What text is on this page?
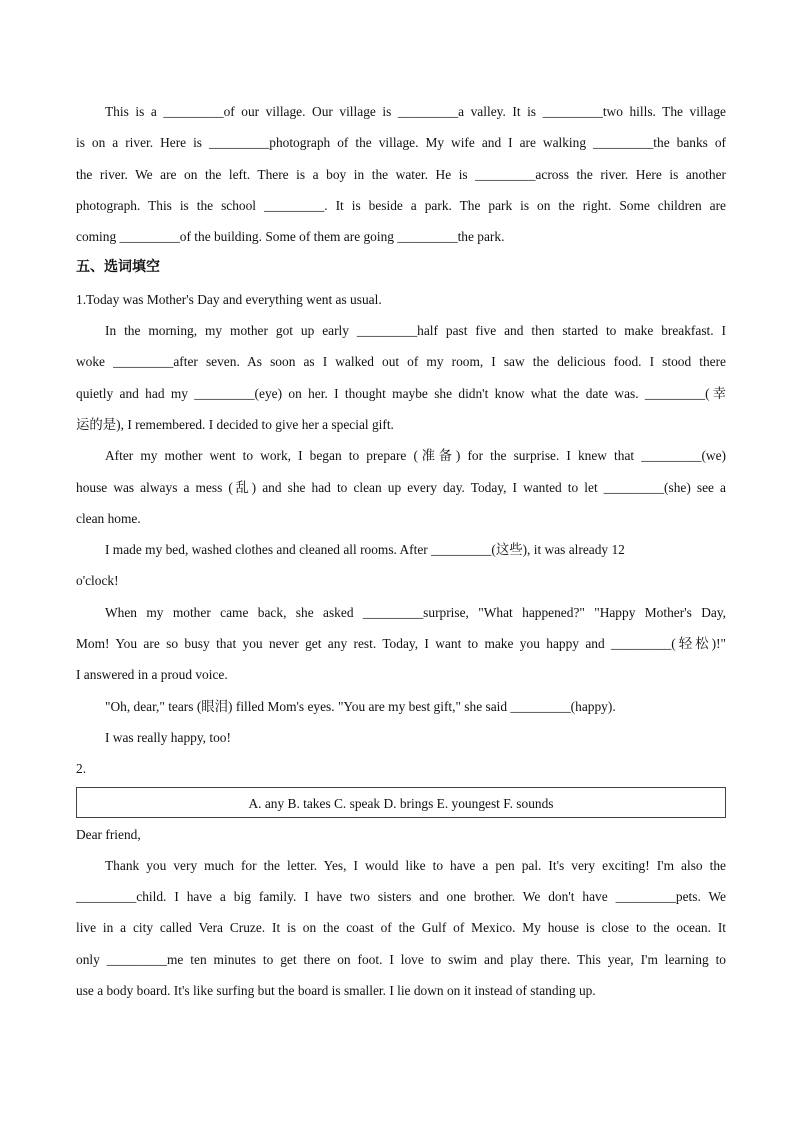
This is a _________of our village. Our village is _________a valley. It is _________two hills. The village
is on a river. Here is _________photograph of the village. My wife and I are walking _________the banks of
the river. We are on the left. There is a boy in the water. He is _________across the river. Here is another
photograph. This is the school _________. It is beside a park. The park is on the right. Some children are
coming _________of the building. Some of them are going _________the park.
五、选词填空
1.Today was Mother's Day and everything went as usual.
In the morning, my mother got up early _________half past five and then started to make breakfast. I
woke _________after seven. As soon as I walked out of my room, I saw the delicious food. I stood there
quietly and had my _________(eye) on her. I thought maybe she didn't know what the date was. _________(幸
运的是), I remembered. I decided to give her a special gift.
After my mother went to work, I began to prepare (准备) for the surprise. I knew that _________(we)
house was always a mess (乱) and she had to clean up every day. Today, I wanted to let _________(she) see a
clean home.
I made my bed, washed clothes and cleaned all rooms. After _________(这些), it was already 12
o'clock!
When my mother came back, she asked _________surprise, "What happened?" "Happy Mother's Day,
Mom! You are so busy that you never get any rest. Today, I want to make you happy and _________(轻松)!"
I answered in a proud voice.
"Oh, dear," tears (眼泪) filled Mom's eyes. "You are my best gift," she said _________(happy).
I was really happy, too!
2.
A. any B. takes C. speak D. brings E. youngest F. sounds
Dear friend,
Thank you very much for the letter. Yes, I would like to have a pen pal. It's very exciting! I'm also the
_________child. I have a big family. I have two sisters and one brother. We don't have _________pets. We
live in a city called Vera Cruze. It is on the coast of the Gulf of Mexico. My house is close to the ocean. It
only _________me ten minutes to get there on foot. I love to swim and play there. This year, I'm learning to
use a body board. It's like surfing but the board is smaller. I lie down on it instead of standing up.
